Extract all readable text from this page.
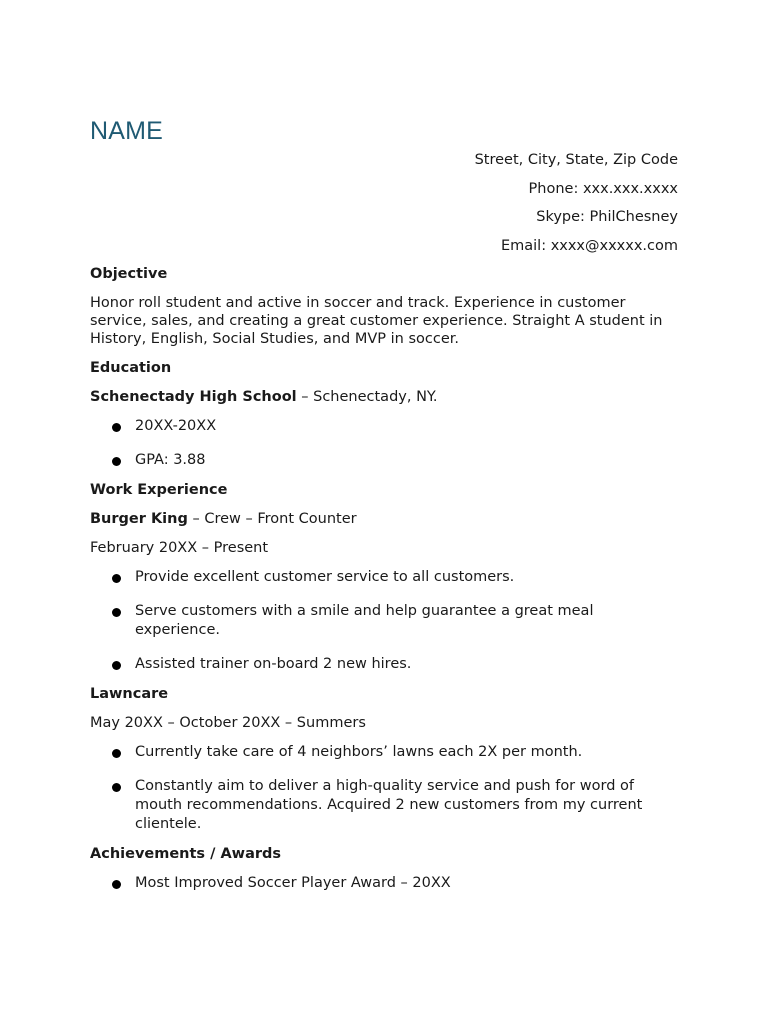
NAME
Street, City, State, Zip Code
Phone: xxx.xxx.xxxx
Skype: PhilChesney
Email: xxxx@xxxxx.com
Objective
Honor roll student and active in soccer and track. Experience in customer service, sales, and creating a great customer experience. Straight A student in History, English, Social Studies, and MVP in soccer.
Education
Schenectady High School – Schenectady, NY.
20XX-20XX
GPA: 3.88
Work Experience
Burger King – Crew – Front Counter
February 20XX – Present
Provide excellent customer service to all customers.
Serve customers with a smile and help guarantee a great meal experience.
Assisted trainer on-board 2 new hires.
Lawncare
May 20XX – October 20XX – Summers
Currently take care of 4 neighbors’ lawns each 2X per month.
Constantly aim to deliver a high-quality service and push for word of mouth recommendations. Acquired 2 new customers from my current clientele.
Achievements / Awards
Most Improved Soccer Player Award – 20XX
